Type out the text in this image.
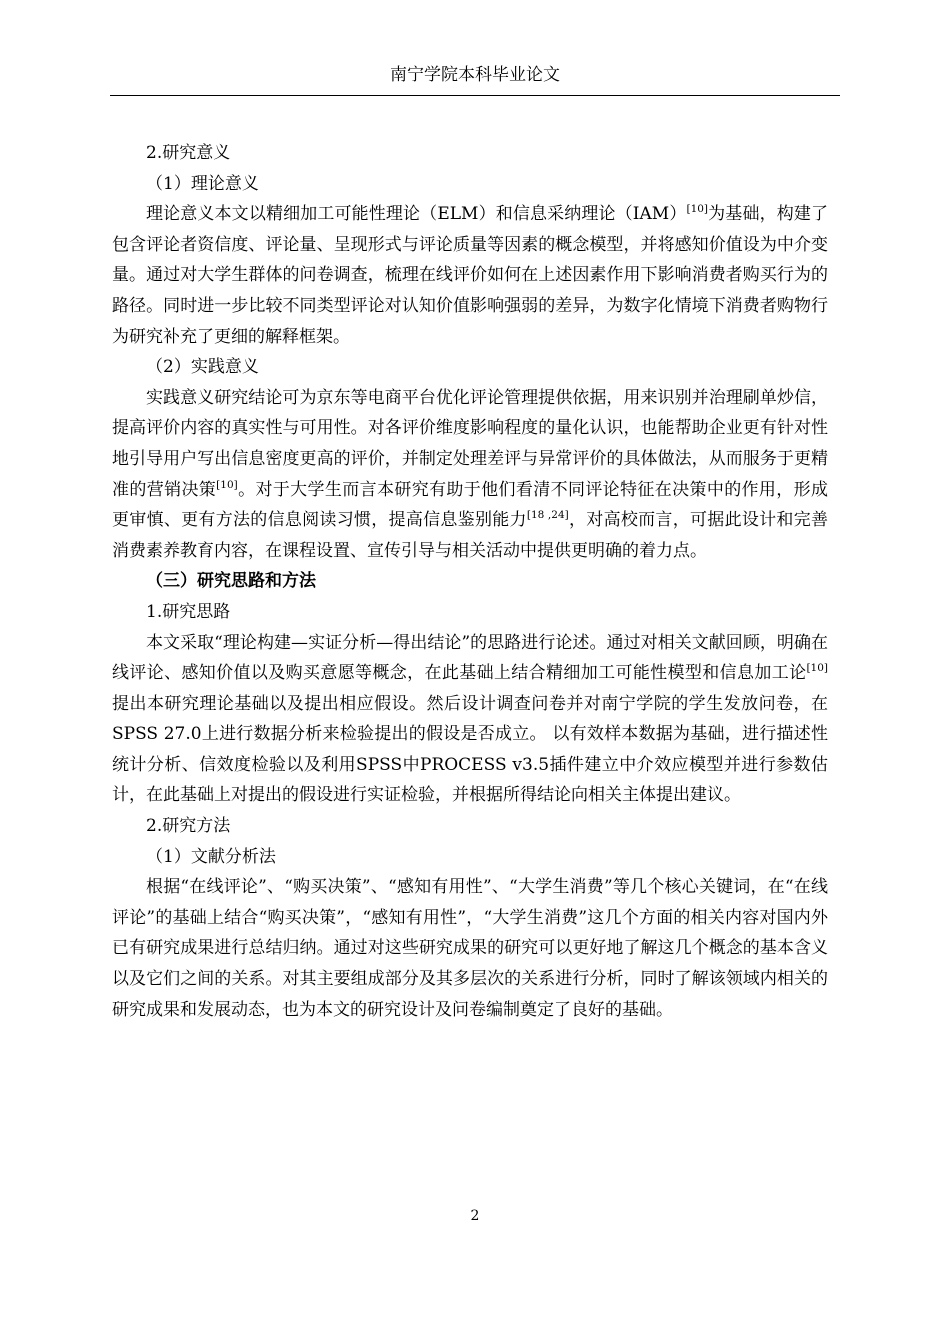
南宁学院本科毕业论文

2.研究意义

（1）理论意义

理论意义本文以精细加工可能性理论（ELM）和信息采纳理论（IAM）[10]为基础，构建了包含评论者资信度、评论量、呈现形式与评论质量等因素的概念模型，并将感知价值设为中介变量。通过对大学生群体的问卷调查，梳理在线评价如何在上述因素作用下影响消费者购买行为的路径。同时进一步比较不同类型评论对认知价值影响强弱的差异，为数字化情境下消费者购物行为研究补充了更细的解释框架。

（2）实践意义

实践意义研究结论可为京东等电商平台优化评论管理提供依据，用来识别并治理刷单炒信，提高评价内容的真实性与可用性。对各评价维度影响程度的量化认识，也能帮助企业更有针对性地引导用户写出信息密度更高的评价，并制定处理差评与异常评价的具体做法，从而服务于更精准的营销决策[10]。对于大学生而言本研究有助于他们看清不同评论特征在决策中的作用，形成更审慎、更有方法的信息阅读习惯，提高信息鉴别能力[18 ,24]，对高校而言，可据此设计和完善消费素养教育内容，在课程设置、宣传引导与相关活动中提供更明确的着力点。

（三）研究思路和方法

1.研究思路

本文采取“理论构建—实证分析—得出结论”的思路进行论述。通过对相关文献回顾，明确在线评论、感知价值以及购买意愿等概念，在此基础上结合精细加工可能性模型和信息加工论[10]提出本研究理论基础以及提出相应假设。然后设计调查问卷并对南宁学院的学生发放问卷，在SPSS 27.0上进行数据分析来检验提出的假设是否成立。 以有效样本数据为基础，进行描述性统计分析、信效度检验以及利用SPSS中PROCESS v3.5插件建立中介效应模型并进行参数估计，在此基础上对提出的假设进行实证检验，并根据所得结论向相关主体提出建议。

2.研究方法

（1）文献分析法

根据“在线评论”、“购买决策”、“感知有用性”、“大学生消费”等几个核心关键词，在“在线评论”的基础上结合“购买决策”，“感知有用性”，“大学生消费”这几个方面的相关内容对国内外已有研究成果进行总结归纳。通过对这些研究成果的研究可以更好地了解这几个概念的基本含义以及它们之间的关系。对其主要组成部分及其多层次的关系进行分析，同时了解该领域内相关的研究成果和发展动态，也为本文的研究设计及问卷编制奠定了良好的基础。

2
